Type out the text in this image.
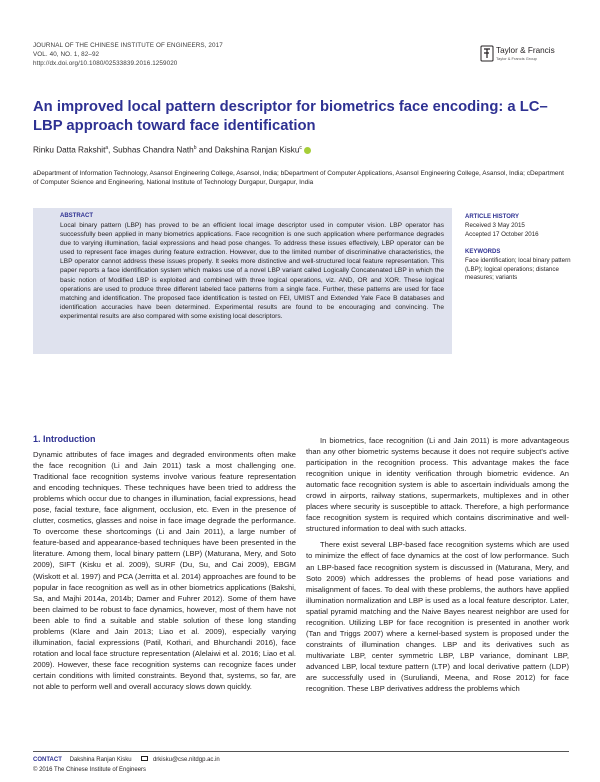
JOURNAL OF THE CHINESE INSTITUTE OF ENGINEERS, 2017
VOL. 40, NO. 1, 82–92
http://dx.doi.org/10.1080/02533839.2016.1259020
Taylor & Francis
Taylor & Francis Group
An improved local pattern descriptor for biometrics face encoding: a LC–LBP approach toward face identification
Rinku Datta Rakshit$^a$, Subhas Chandra Nath$^b$ and Dakshina Ranjan Kisku$^c$
aDepartment of Information Technology, Asansol Engineering College, Asansol, India; bDepartment of Computer Applications, Asansol Engineering College, Asansol, India; cDepartment of Computer Science and Engineering, National Institute of Technology Durgapur, Durgapur, India
ABSTRACT
Local binary pattern (LBP) has proved to be an efficient local image descriptor used in computer vision. LBP operator has successfully been applied in many biometrics applications. Face recognition is one such application where performance degrades due to varying illumination, facial expressions and head pose changes. To address these issues effectively, LBP operator can be used to represent face images during feature extraction. However, due to the limited number of discriminative characteristics, the LBP operator cannot address these issues properly. It seeks more distinctive and well-structured local feature representation. This paper reports a face identification system which makes use of a novel LBP variant called Logically Concatenated LBP in which the basic notion of Modified LBP is exploited and combined with three logical operations, viz. AND, OR and XOR. These logical operations are used to produce three different labeled face patterns from a single face. Further, these patterns are used for face matching and identification. The proposed face identification is tested on FEI, UMIST and Extended Yale Face B databases and identification accuracies have been determined. Experimental results are found to be encouraging and convincing. The experimental results are also compared with some existing local descriptors.
ARTICLE HISTORY
Received 3 May 2015
Accepted 17 October 2016
KEYWORDS
Face identification; local binary pattern (LBP); logical operations; distance measures; variants
1. Introduction

Dynamic attributes of face images and degraded environments often make the face recognition (Li and Jain 2011) task a most challenging one. Traditional face recognition systems involve various feature representation and encoding techniques. These techniques have been tried to address the problems which occur due to changes in illumination, facial expressions, head pose, facial texture, face alignment, occlusion, etc. Even in the presence of clutter, cosmetics, glasses and noise in face image degrade the performance. To overcome these shortcomings (Li and Jain 2011), a large number of feature-based and appearance-based techniques have been presented in the literature. Among them, local binary pattern (LBP) (Maturana, Mery, and Soto 2009), SIFT (Kisku et al. 2009), SURF (Du, Su, and Cai 2009), EBGM (Wiskott et al. 1997) and PCA (Jerritta et al. 2014) approaches are found to be popular in face recognition as well as in other biometrics applications (Bakshi, Sa, and Majhi 2014a, 2014b; Damer and Fuhrer 2012). Some of them have been claimed to be robust to face dynamics, however, most of them have not been able to find a suitable and stable solution of these long standing problems (Klare and Jain 2013; Liao et al. 2009), especially varying illumination, facial expressions (Patil, Kothari, and Bhurchandi 2016), face rotation and local face structure representation (Alelaiwi et al. 2016; Liao et al. 2009). However, these face recognition systems can recognize faces under certain conditions with limited constraints. Beyond that, systems, so far, are not able to perform well and overall accuracy slows down quickly.

In biometrics, face recognition (Li and Jain 2011) is more advantageous than any other biometric systems because it does not require subject's active participation in the recognition process. This advantage makes the face recognition unique in identity verification through biometric evidence. An automatic face recognition system is able to ascertain individuals among the crowd in airports, railway stations, supermarkets, multiplexes and in other places where security is susceptible to attack. Therefore, a high performance face recognition system is required which contains discriminative and well-structured information to deal with such attacks.

There exist several LBP-based face recognition systems which are used to minimize the effect of face dynamics at the cost of low performance. Such an LBP-based face recognition system is discussed in (Maturana, Mery, and Soto 2009) which addresses the problems of head pose variations and misalignment of faces. To deal with these problems, the authors have applied illumination normalization and LBP is used as a local feature descriptor. Later, spatial pyramid matching and the Naive Bayes nearest neighbor are used for recognition. Utilizing LBP for face recognition is presented in another work (Tan and Triggs 2007) where a kernel-based system is proposed under the constraints of illumination changes. LBP and its derivatives such as multivariate LBP, center symmetric LBP, LBP variance, dominant LBP, advanced LBP, local texture pattern (LTP) and local derivative pattern (LDP) are successfully used in (Suruliandi, Meena, and Rose 2012) for face recognition. These LBP derivatives address the problems which

CONTACT Dakshina Ranjan Kisku	drkisku@cse.nitdgp.ac.in
© 2016 The Chinese Institute of Engineers
